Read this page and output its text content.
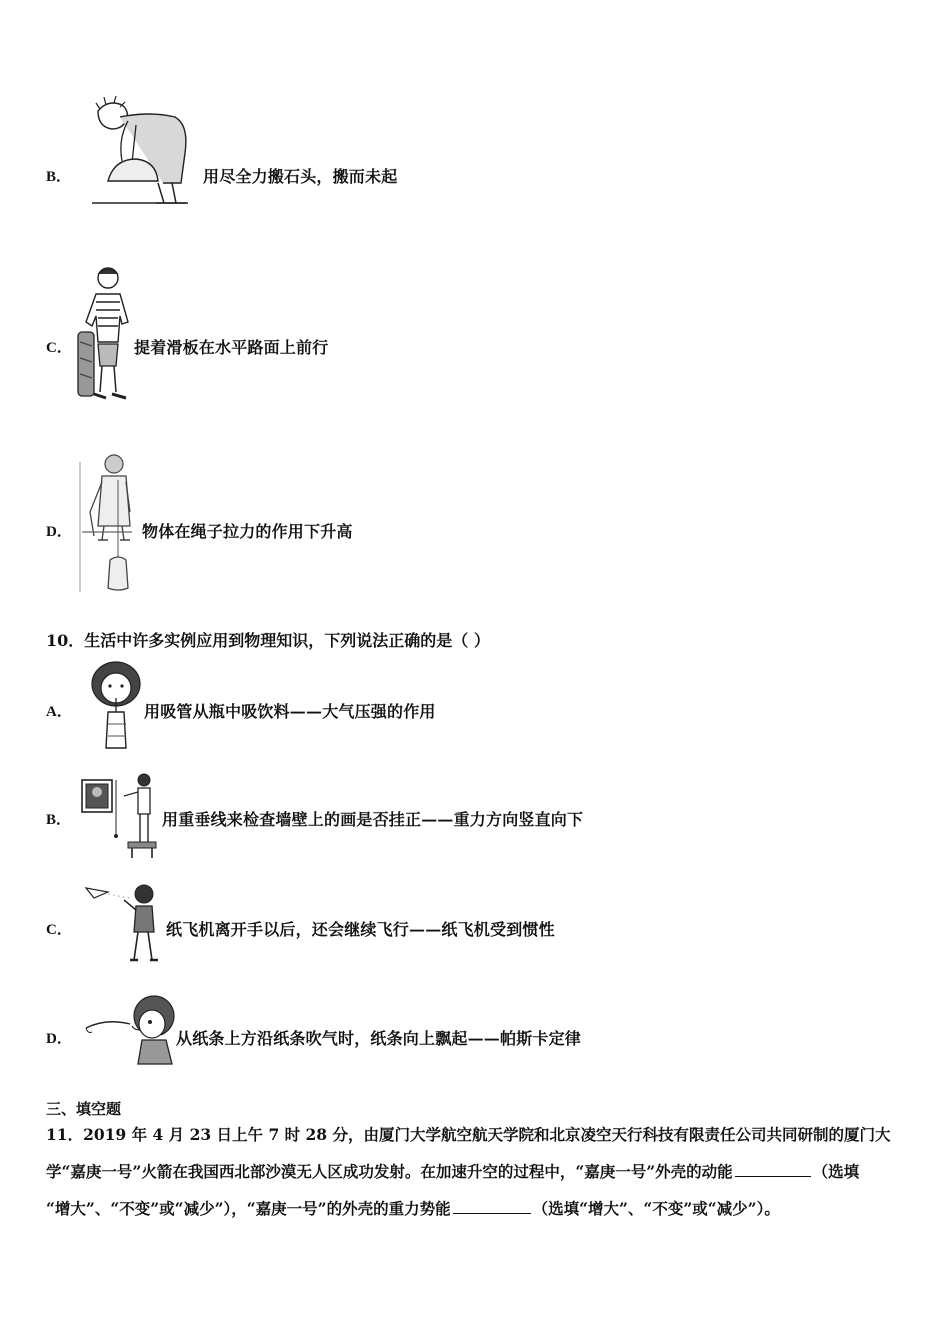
B．	用尽全力搬石头，搬而未起
C．	提着滑板在水平路面上前行
D．	物体在绳子拉力的作用下升高
10．生活中许多实例应用到物理知识，下列说法正确的是（ ）
A．	用吸管从瓶中吸饮料——大气压强的作用
B．	用重垂线来检查墙壁上的画是否挂正——重力方向竖直向下
C．	纸飞机离开手以后，还会继续飞行——纸飞机受到惯性
D．	从纸条上方沿纸条吹气时，纸条向上飘起——帕斯卡定律
三、填空题
11．2019 年 4 月 23 日上午 7 时 28 分，由厦门大学航空航天学院和北京凌空天行科技有限责任公司共同研制的厦门大
学“嘉庚一号”火箭在我国西北部沙漠无人区成功发射。在加速升空的过程中，“嘉庚一号”外壳的动能	（选填
“增大”、“不变”或“减少”），“嘉庚一号”的外壳的重力势能	（选填“增大”、“不变”或“减少”）。
